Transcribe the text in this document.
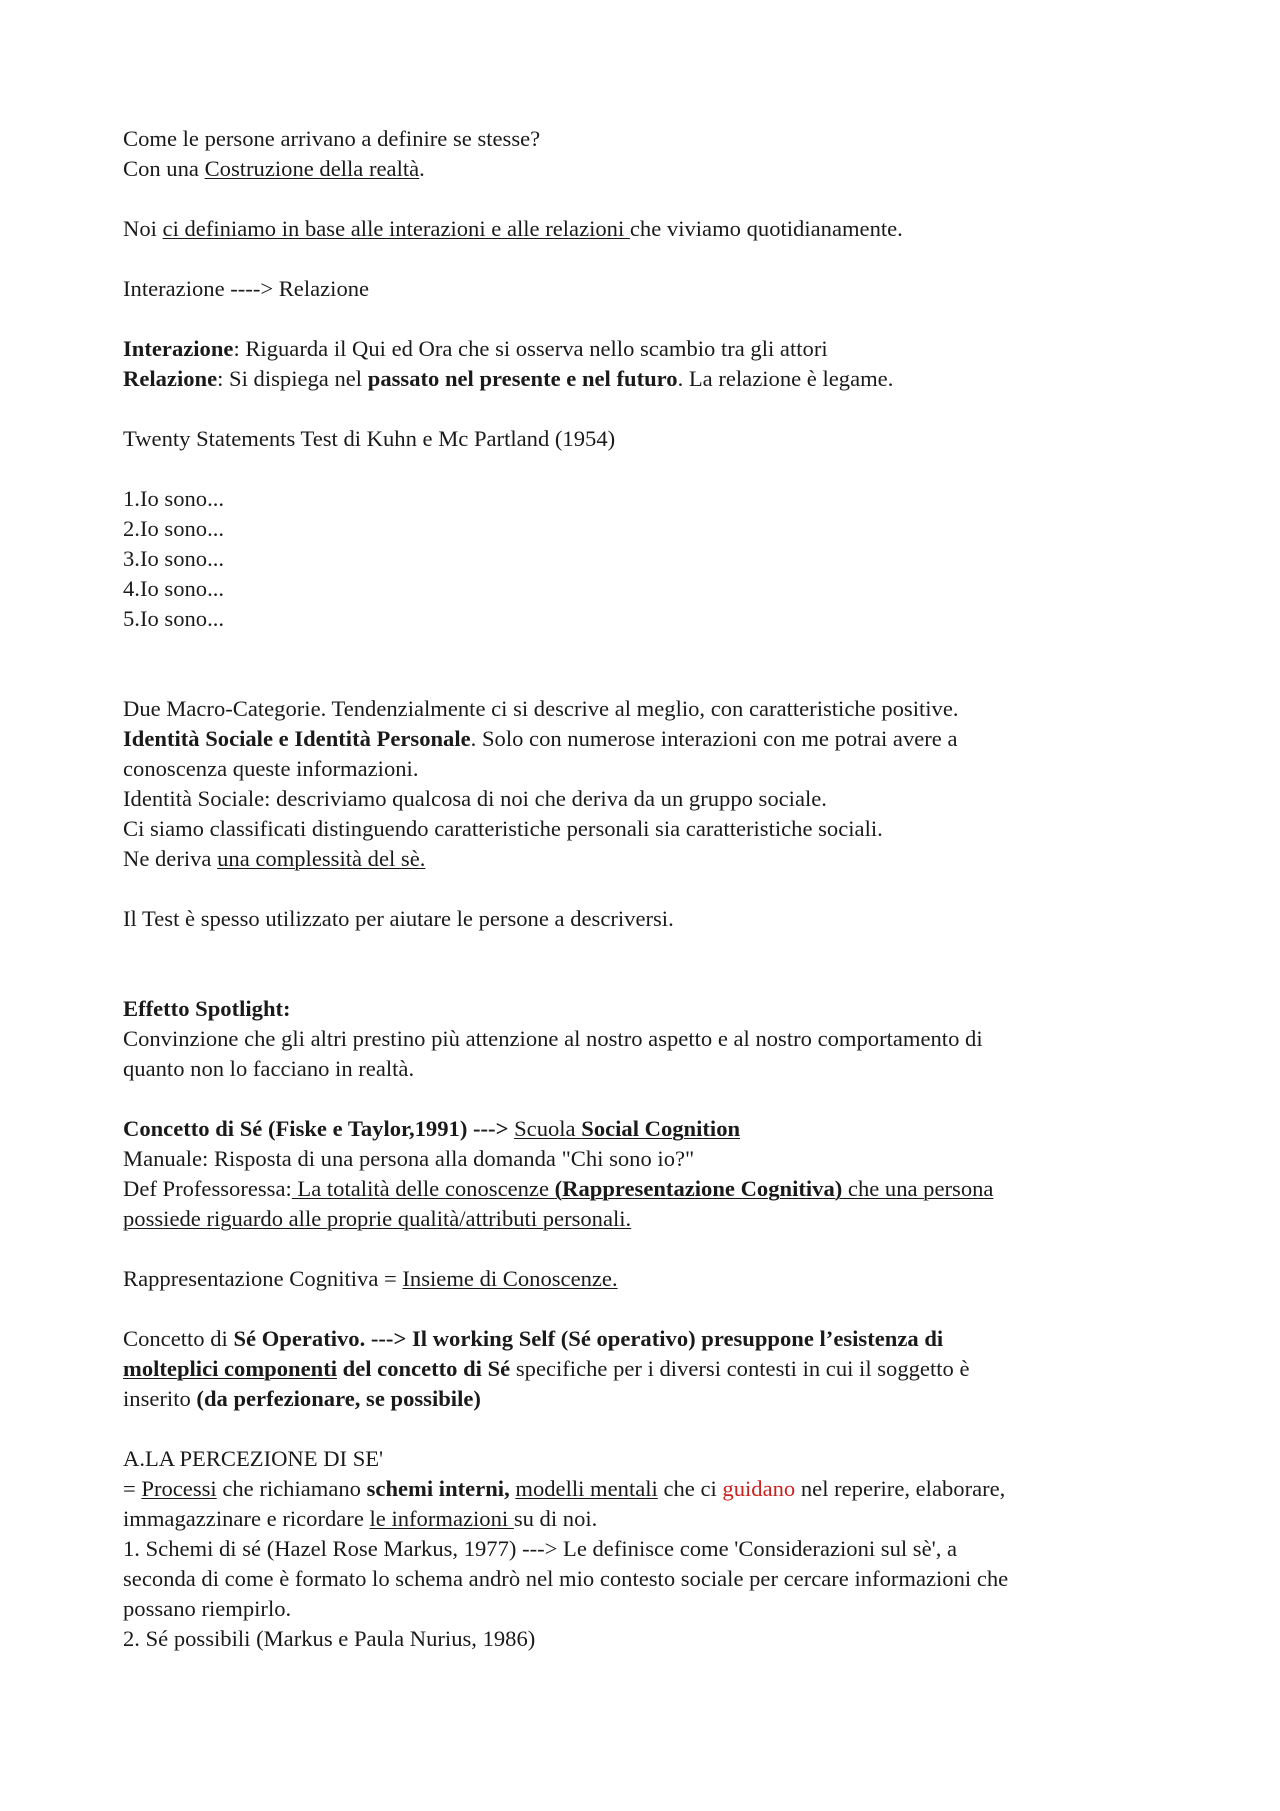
Come le persone arrivano a definire se stesse?
Con una Costruzione della realtà.
Noi ci definiamo in base alle interazioni e alle relazioni che viviamo quotidianamente.
Interazione ----> Relazione
Interazione: Riguarda il Qui ed Ora che si osserva nello scambio tra gli attori
Relazione: Si dispiega nel passato nel presente e nel futuro. La relazione è legame.
Twenty Statements Test di Kuhn e Mc Partland (1954)
1.Io sono...
2.Io sono...
3.Io sono...
4.Io sono...
5.Io sono...
Due Macro-Categorie. Tendenzialmente ci si descrive al meglio, con caratteristiche positive.
Identità Sociale e Identità Personale. Solo con numerose interazioni con me potrai avere a
conoscenza queste informazioni.
Identità Sociale: descriviamo qualcosa di noi che deriva da un gruppo sociale.
Ci siamo classificati distinguendo caratteristiche personali sia caratteristiche sociali.
Ne deriva una complessità del sè.
Il Test è spesso utilizzato per aiutare le persone a descriversi.
Effetto Spotlight:
Convinzione che gli altri prestino più attenzione al nostro aspetto e al nostro comportamento di
quanto non lo facciano in realtà.
Concetto di Sé (Fiske e Taylor,1991) ---> Scuola Social Cognition
Manuale: Risposta di una persona alla domanda "Chi sono io?"
Def Professoressa: La totalità delle conoscenze (Rappresentazione Cognitiva) che una persona
possiede riguardo alle proprie qualità/attributi personali.
Rappresentazione Cognitiva = Insieme di Conoscenze.
Concetto di Sé Operativo. ---> Il working Self (Sé operativo) presuppone l’esistenza di
molteplici componenti del concetto di Sé specifiche per i diversi contesti in cui il soggetto è
inserito (da perfezionare, se possibile)
A.LA PERCEZIONE DI SE'
= Processi che richiamano schemi interni, modelli mentali che ci guidano nel reperire, elaborare,
immagazzinare e ricordare le informazioni su di noi.
1. Schemi di sé (Hazel Rose Markus, 1977) ---> Le definisce come 'Considerazioni sul sè', a
seconda di come è formato lo schema andrò nel mio contesto sociale per cercare informazioni che
possano riempirlo.
2. Sé possibili (Markus e Paula Nurius, 1986)
